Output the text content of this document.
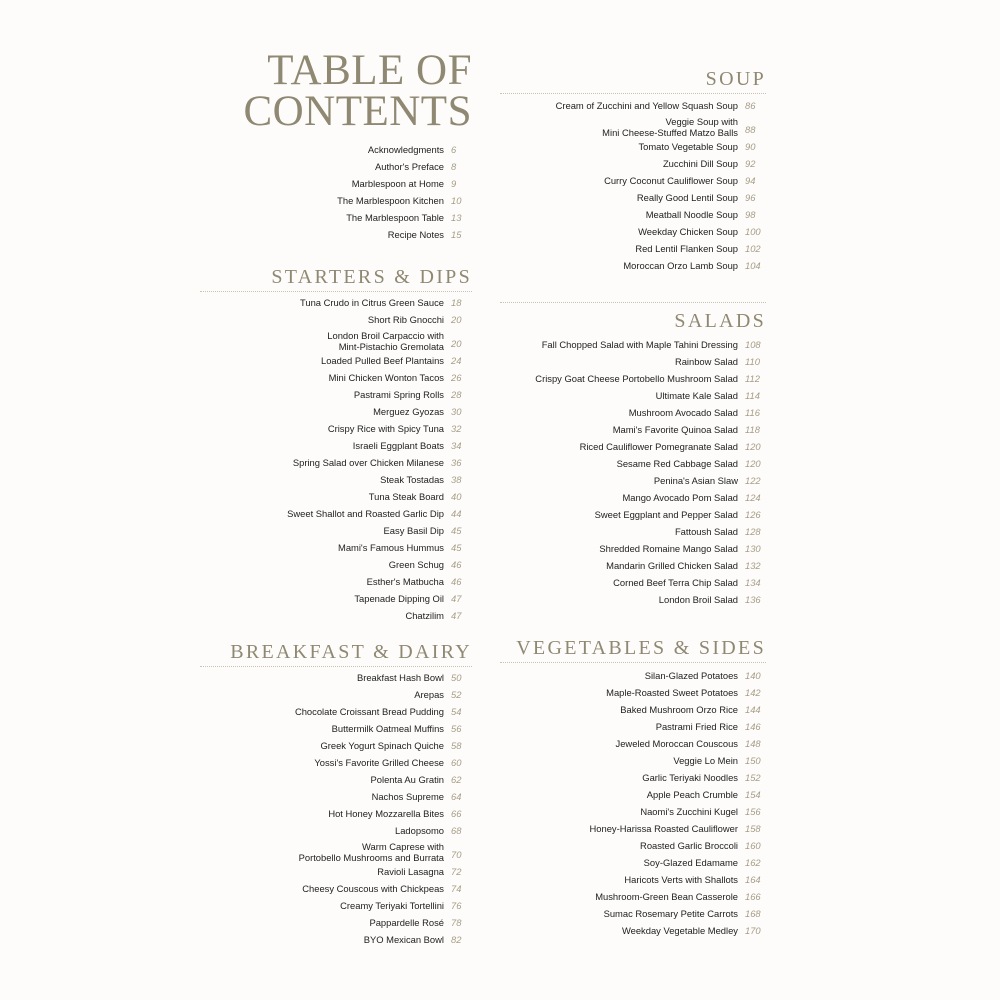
TABLE OF
CONTENTS
Acknowledgments 6
Author's Preface 8
Marblespoon at Home 9
The Marblespoon Kitchen 10
The Marblespoon Table 13
Recipe Notes 15
STARTERS & DIPS
Tuna Crudo in Citrus Green Sauce 18
Short Rib Gnocchi 20
London Broil Carpaccio with
Mint-Pistachio Gremolata 20
Loaded Pulled Beef Plantains 24
Mini Chicken Wonton Tacos 26
Pastrami Spring Rolls 28
Merguez Gyozas 30
Crispy Rice with Spicy Tuna 32
Israeli Eggplant Boats 34
Spring Salad over Chicken Milanese 36
Steak Tostadas 38
Tuna Steak Board 40
Sweet Shallot and Roasted Garlic Dip 44
Easy Basil Dip 45
Mami's Famous Hummus 45
Green Schug 46
Esther's Matbucha 46
Tapenade Dipping Oil 47
Chatzilim 47
BREAKFAST & DAIRY
Breakfast Hash Bowl 50
Arepas 52
Chocolate Croissant Bread Pudding 54
Buttermilk Oatmeal Muffins 56
Greek Yogurt Spinach Quiche 58
Yossi's Favorite Grilled Cheese 60
Polenta Au Gratin 62
Nachos Supreme 64
Hot Honey Mozzarella Bites 66
Ladopsomo 68
Warm Caprese with
Portobello Mushrooms and Burrata 70
Ravioli Lasagna 72
Cheesy Couscous with Chickpeas 74
Creamy Teriyaki Tortellini 76
Pappardelle Rosé 78
BYO Mexican Bowl 82
SOUP
Cream of Zucchini and Yellow Squash Soup 86
Veggie Soup with
Mini Cheese-Stuffed Matzo Balls 88
Tomato Vegetable Soup 90
Zucchini Dill Soup 92
Curry Coconut Cauliflower Soup 94
Really Good Lentil Soup 96
Meatball Noodle Soup 98
Weekday Chicken Soup 100
Red Lentil Flanken Soup 102
Moroccan Orzo Lamb Soup 104
SALADS
Fall Chopped Salad with Maple Tahini Dressing 108
Rainbow Salad 110
Crispy Goat Cheese Portobello Mushroom Salad 112
Ultimate Kale Salad 114
Mushroom Avocado Salad 116
Mami's Favorite Quinoa Salad 118
Riced Cauliflower Pomegranate Salad 120
Sesame Red Cabbage Salad 120
Penina's Asian Slaw 122
Mango Avocado Pom Salad 124
Sweet Eggplant and Pepper Salad 126
Fattoush Salad 128
Shredded Romaine Mango Salad 130
Mandarin Grilled Chicken Salad 132
Corned Beef Terra Chip Salad 134
London Broil Salad 136
VEGETABLES & SIDES
Silan-Glazed Potatoes 140
Maple-Roasted Sweet Potatoes 142
Baked Mushroom Orzo Rice 144
Pastrami Fried Rice 146
Jeweled Moroccan Couscous 148
Veggie Lo Mein 150
Garlic Teriyaki Noodles 152
Apple Peach Crumble 154
Naomi's Zucchini Kugel 156
Honey-Harissa Roasted Cauliflower 158
Roasted Garlic Broccoli 160
Soy-Glazed Edamame 162
Haricots Verts with Shallots 164
Mushroom-Green Bean Casserole 166
Sumac Rosemary Petite Carrots 168
Weekday Vegetable Medley 170
